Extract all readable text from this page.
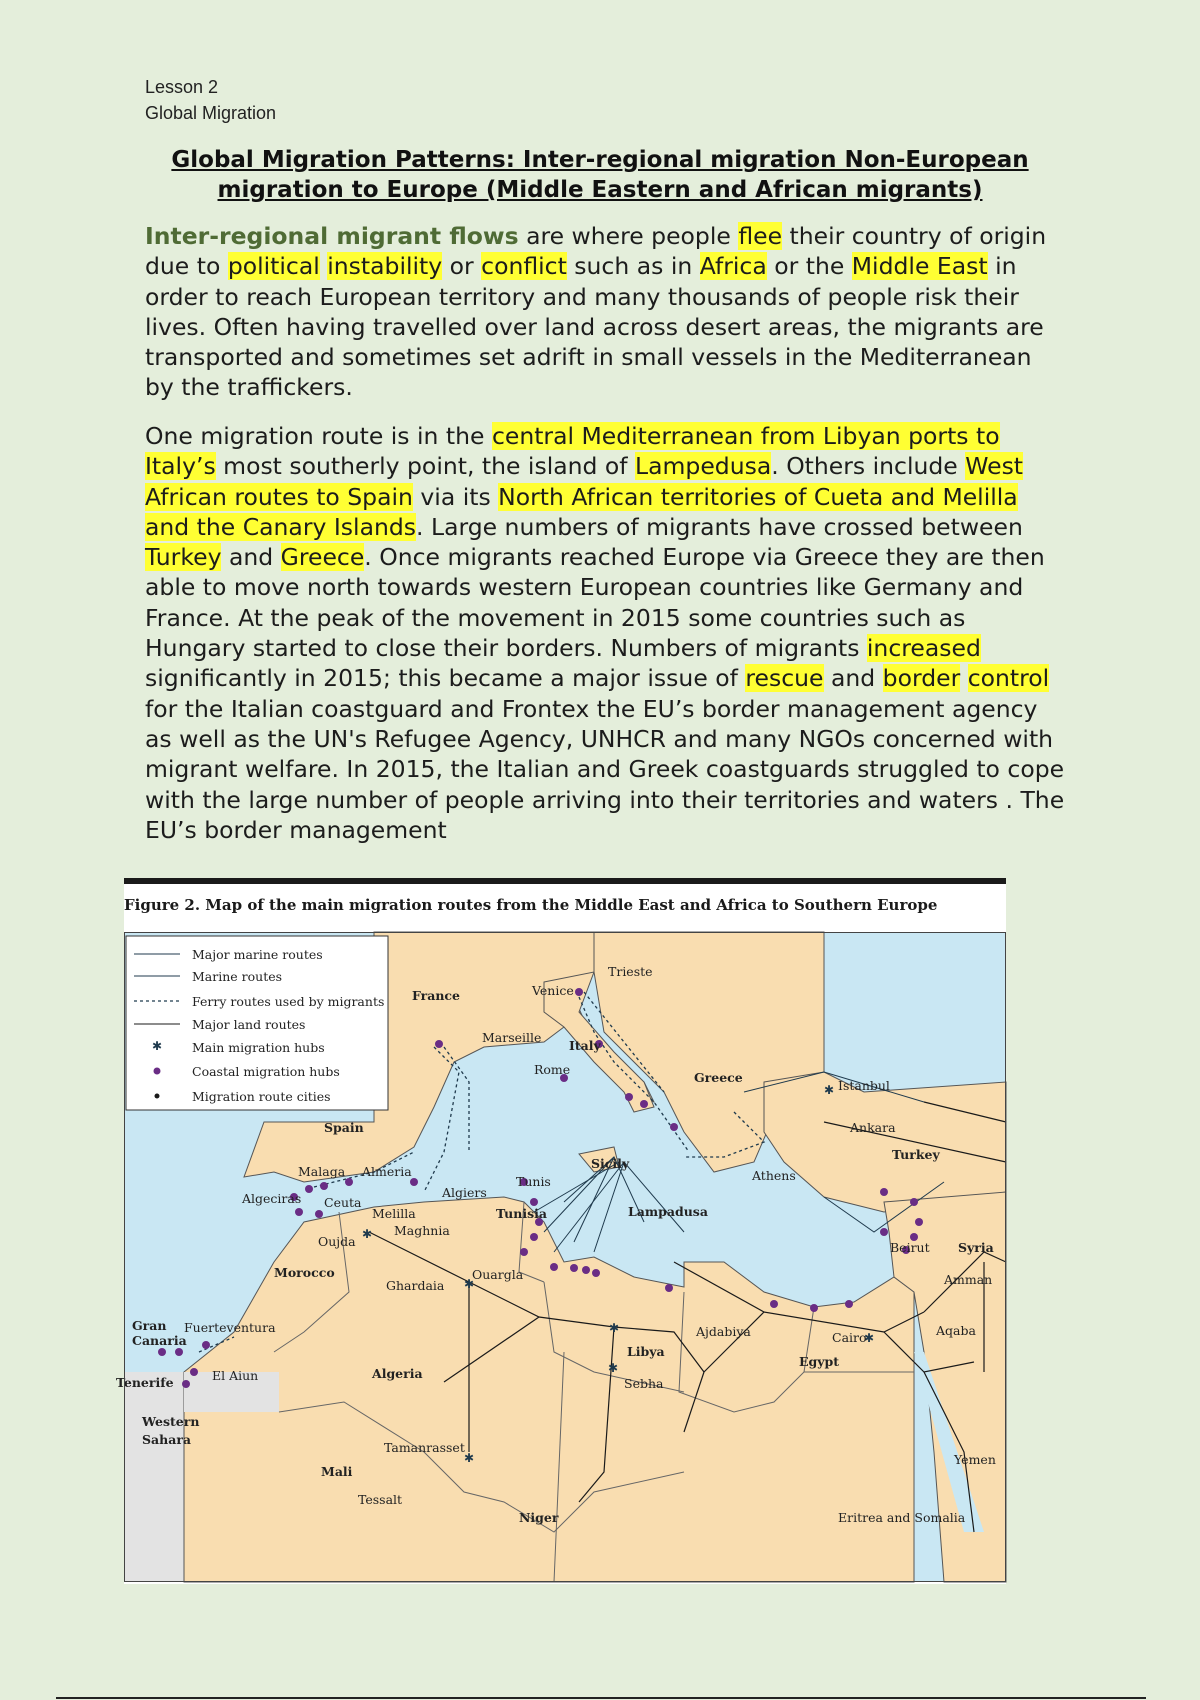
Lesson 2
Global Migration
Global Migration Patterns: Inter-regional migration Non-European
migration to Europe (Middle Eastern and African migrants)
Inter-regional migrant flows are where people flee their country of origin due to political instability or conflict such as in Africa or the Middle East in order to reach European territory and many thousands of people risk their lives. Often having travelled over land across desert areas, the migrants are transported and sometimes set adrift in small vessels in the Mediterranean by the traffickers.
One migration route is in the central Mediterranean from Libyan ports to Italy’s most southerly point, the island of Lampedusa. Others include West African routes to Spain via its North African territories of Cueta and Melilla and the Canary Islands. Large numbers of migrants have crossed between Turkey and Greece. Once migrants reached Europe via Greece they are then able to move north towards western European countries like Germany and France. At the peak of the movement in 2015 some countries such as Hungary started to close their borders. Numbers of migrants increased significantly in 2015; this became a major issue of rescue and border control for the Italian coastguard and Frontex the EU’s border management agency as well as the UN's Refugee Agency, UNHCR and many NGOs concerned with migrant welfare. In 2015, the Italian and Greek coastguards struggled to cope with the large number of people arriving into their territories and waters . The EU’s border management
Figure 2. Map of the main migration routes from the Middle East and Africa to Southern Europe
✱
✱
✱
✱
✱
✱
✱
✱
Major marine routes
Marine routes
Ferry routes used by migrants
Major land routes
Main migration hubs
Coastal migration hubs
Migration route cities
France	Venice
Trieste
Marseille
Italy
Rome
Greece
Istanbul
Ankara
Turkey
Spain
Malaga Almeria
Sicily
Athens
Algeciras Ceuta
Melilla
Algiers
Tunis
Tunisia	Lampadusa
Oujda
Maghnia
Beirut Syria
Morocco
Ghardaia
Ouargla	Amman
Gran
Canaria
Fuerteventura	Ajdabiya	Cairo	Aqaba
Libya
Egypt
Tenerife	El Aiun	Algeria
Sebha
Western
Sahara
Tamanrasset
Yemen
Mali
Tessalt
Niger	Eritrea and Somalia
